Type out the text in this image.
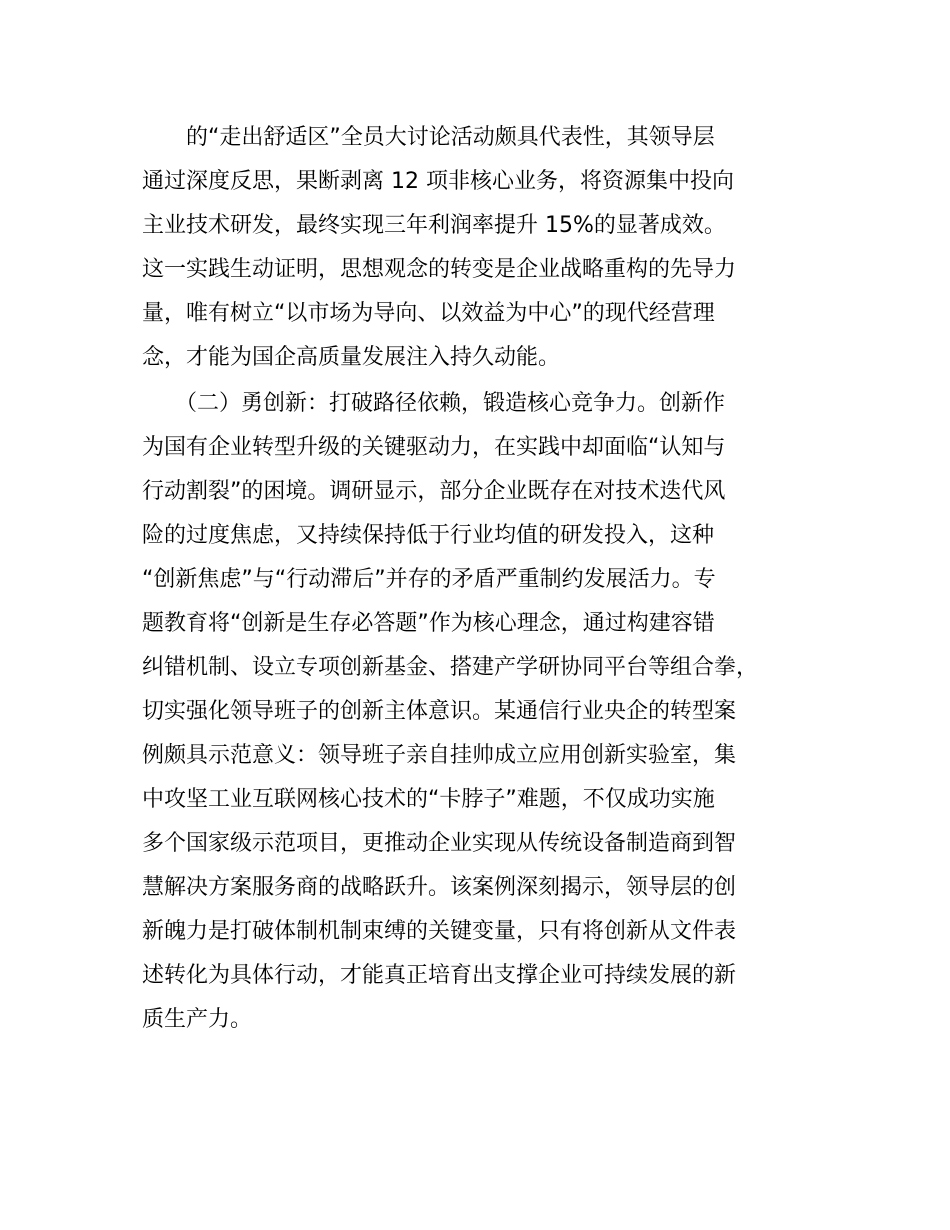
　　的“走出舒适区”全员大讨论活动颇具代表性，其领导层
通过深度反思，果断剥离 12 项非核心业务，将资源集中投向
主业技术研发，最终实现三年利润率提升 15%的显著成效。
这一实践生动证明，思想观念的转变是企业战略重构的先导力
量，唯有树立“以市场为导向、以效益为中心”的现代经营理
念，才能为国企高质量发展注入持久动能。
　　（二）勇创新：打破路径依赖，锻造核心竞争力。创新作
为国有企业转型升级的关键驱动力，在实践中却面临“认知与
行动割裂”的困境。调研显示，部分企业既存在对技术迭代风
险的过度焦虑，又持续保持低于行业均值的研发投入，这种
“创新焦虑”与“行动滞后”并存的矛盾严重制约发展活力。专
题教育将“创新是生存必答题”作为核心理念，通过构建容错
纠错机制、设立专项创新基金、搭建产学研协同平台等组合拳，
切实强化领导班子的创新主体意识。某通信行业央企的转型案
例颇具示范意义：领导班子亲自挂帅成立应用创新实验室，集
中攻坚工业互联网核心技术的“卡脖子”难题，不仅成功实施
多个国家级示范项目，更推动企业实现从传统设备制造商到智
慧解决方案服务商的战略跃升。该案例深刻揭示，领导层的创
新魄力是打破体制机制束缚的关键变量，只有将创新从文件表
述转化为具体行动，才能真正培育出支撑企业可持续发展的新
质生产力。
